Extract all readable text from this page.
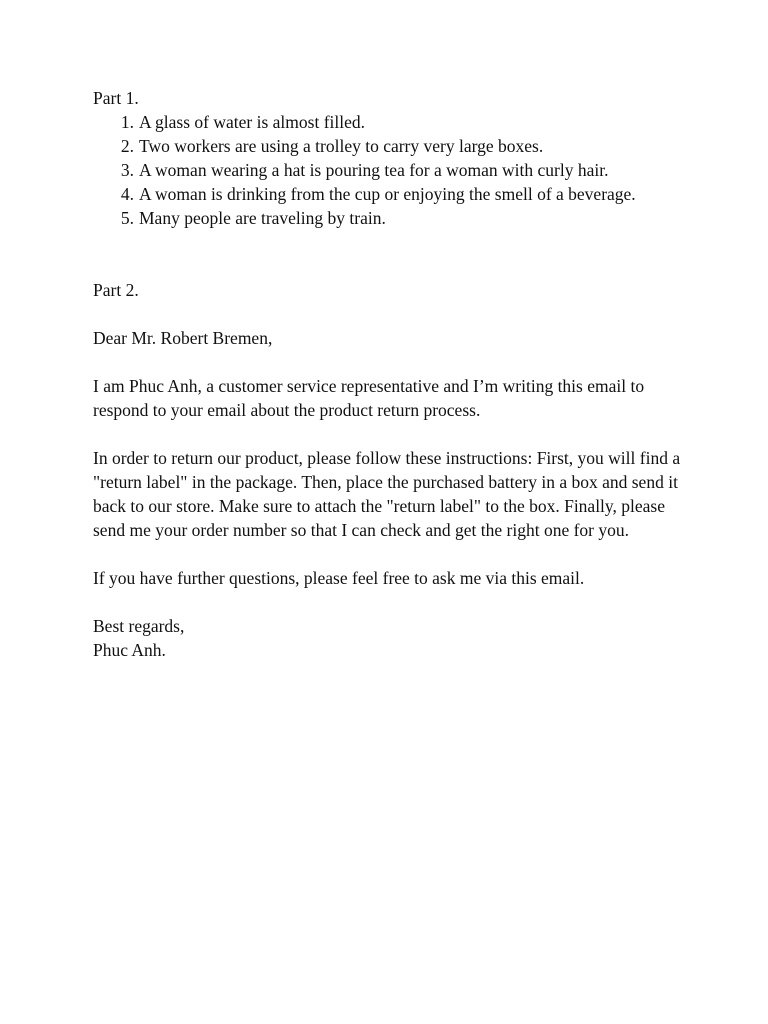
Part 1.

1. A glass of water is almost filled.
2. Two workers are using a trolley to carry very large boxes.
3. A woman wearing a hat is pouring tea for a woman with curly hair.
4. A woman is drinking from the cup or enjoying the smell of a beverage.
5. Many people are traveling by train.

Part 2.

Dear Mr. Robert Bremen,

I am Phuc Anh, a customer service representative and I’m writing this email to respond to your email about the product return process.

In order to return our product, please follow these instructions: First, you will find a "return label" in the package. Then, place the purchased battery in a box and send it back to our store. Make sure to attach the "return label" to the box. Finally, please send me your order number so that I can check and get the right one for you.

If you have further questions, please feel free to ask me via this email.

Best regards,

Phuc Anh.
